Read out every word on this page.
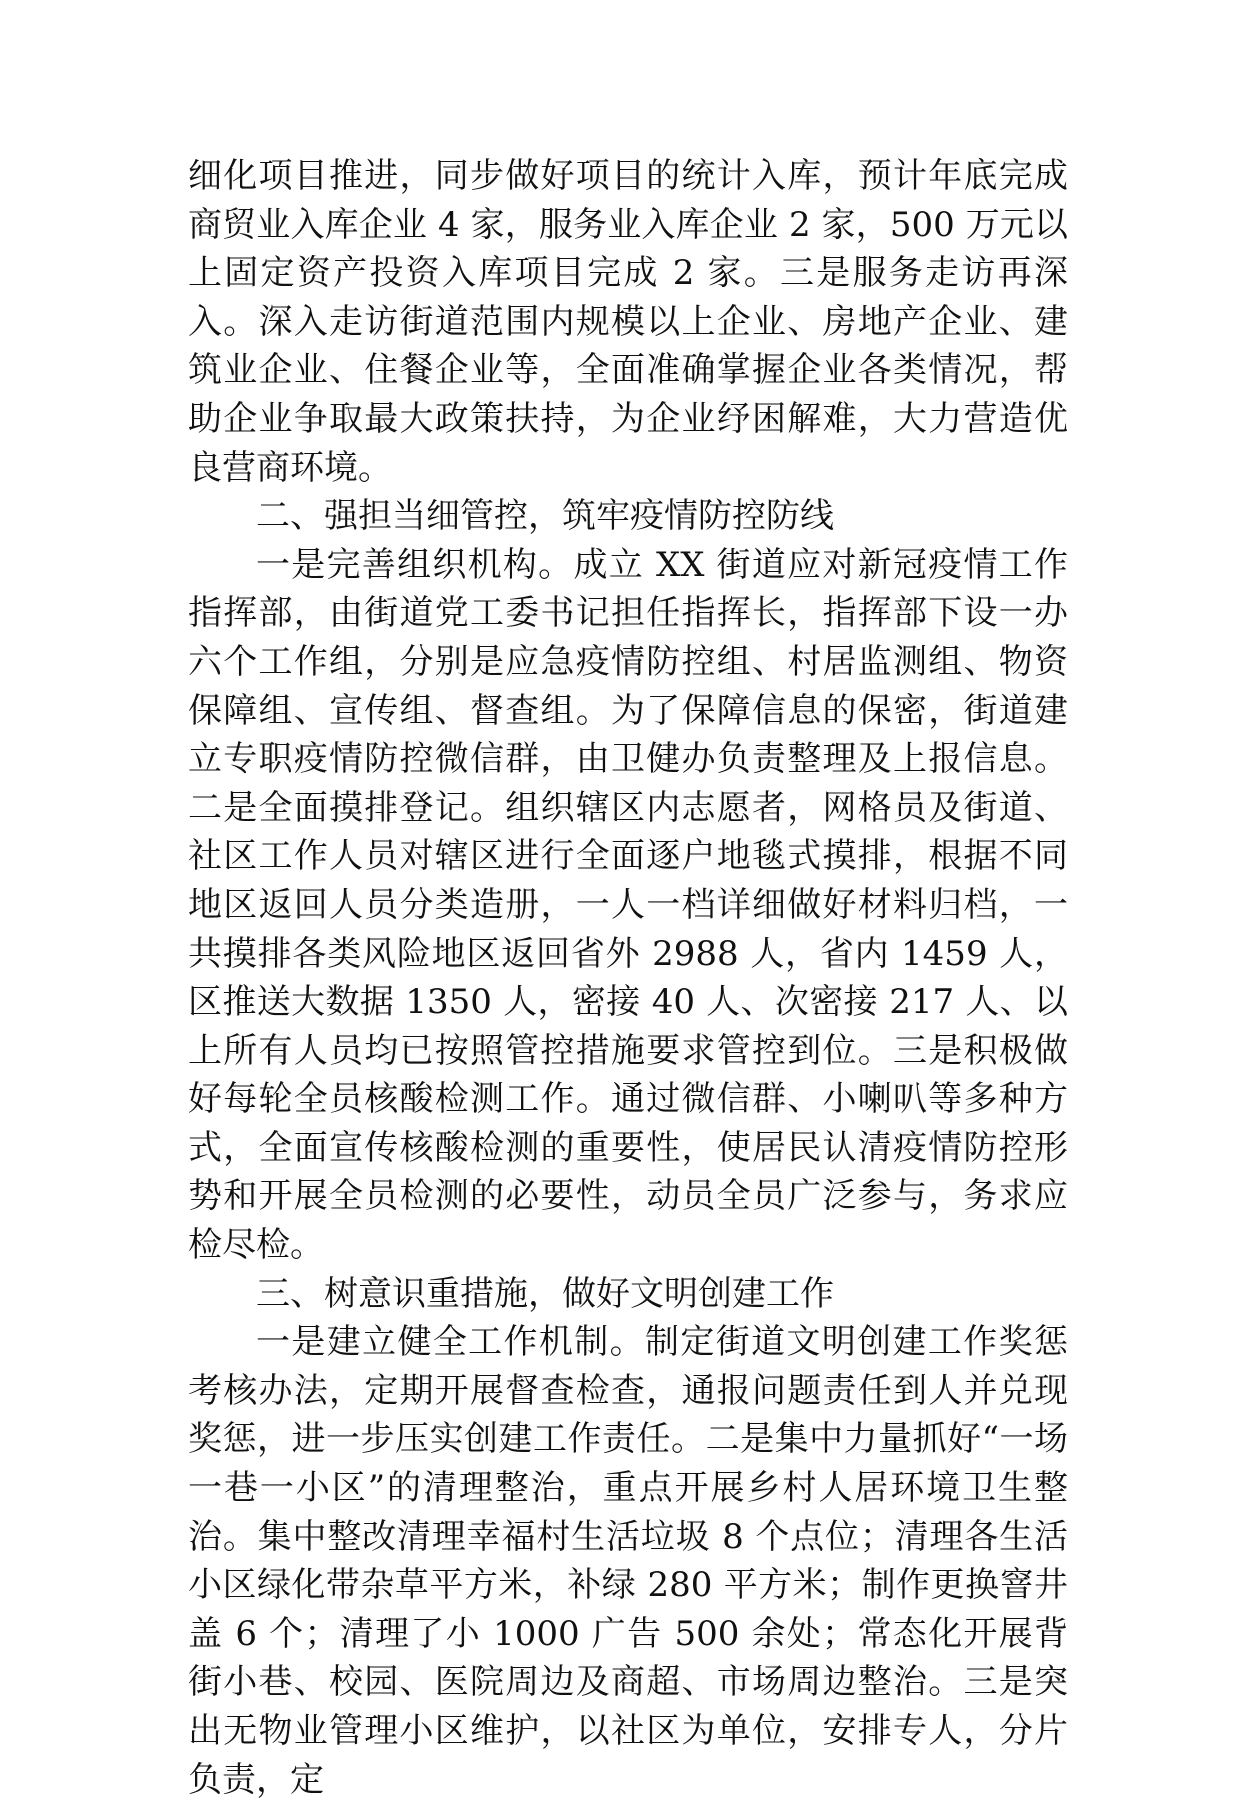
细化项目推进，同步做好项目的统计入库，预计年底完成商贸业入库企业 4 家，服务业入库企业 2 家，500 万元以上固定资产投资入库项目完成 2 家。三是服务走访再深入。深入走访街道范围内规模以上企业、房地产企业、建筑业企业、住餐企业等，全面准确掌握企业各类情况，帮助企业争取最大政策扶持，为企业纾困解难，大力营造优良营商环境。

二、强担当细管控，筑牢疫情防控防线

一是完善组织机构。成立 XX 街道应对新冠疫情工作指挥部，由街道党工委书记担任指挥长，指挥部下设一办六个工作组，分别是应急疫情防控组、村居监测组、物资保障组、宣传组、督查组。为了保障信息的保密，街道建立专职疫情防控微信群，由卫健办负责整理及上报信息。二是全面摸排登记。组织辖区内志愿者，网格员及街道、社区工作人员对辖区进行全面逐户地毯式摸排，根据不同地区返回人员分类造册，一人一档详细做好材料归档，一共摸排各类风险地区返回省外 2988 人，省内 1459 人，区推送大数据 1350 人，密接 40 人、次密接 217 人、以上所有人员均已按照管控措施要求管控到位。三是积极做好每轮全员核酸检测工作。通过微信群、小喇叭等多种方式，全面宣传核酸检测的重要性，使居民认清疫情防控形势和开展全员检测的必要性，动员全员广泛参与，务求应检尽检。

三、树意识重措施，做好文明创建工作

一是建立健全工作机制。制定街道文明创建工作奖惩考核办法，定期开展督查检查，通报问题责任到人并兑现奖惩，进一步压实创建工作责任。二是集中力量抓好“一场一巷一小区”的清理整治，重点开展乡村人居环境卫生整治。集中整改清理幸福村生活垃圾 8 个点位；清理各生活小区绿化带杂草平方米，补绿 280 平方米；制作更换窨井盖 6 个；清理了小 1000 广告 500 余处；常态化开展背街小巷、校园、医院周边及商超、市场周边整治。三是突出无物业管理小区维护，以社区为单位，安排专人，分片负责，定
